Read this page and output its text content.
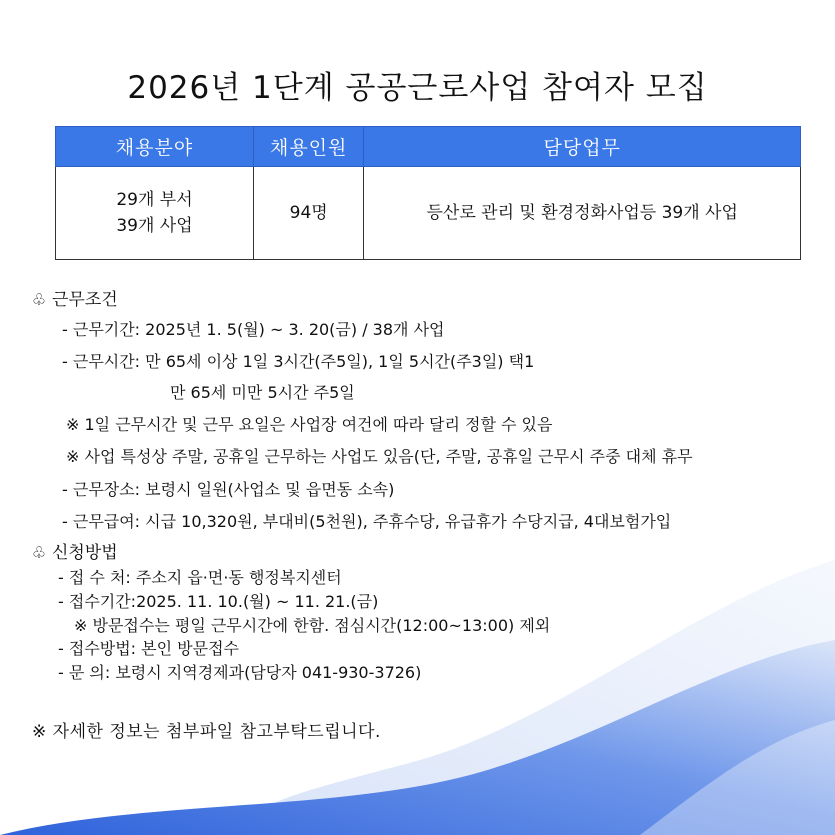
2026년 1단계 공공근로사업 참여자 모집
채용분야	채용인원	담당업무

29개 부서
39개 사업	94명	등산로 관리 및 환경정화사업등 39개 사업
♧ 근무조건
- 근무기간: 2025년 1. 5(월) ~ 3. 20(금) / 38개 사업
- 근무시간: 만 65세 이상 1일 3시간(주5일), 1일 5시간(주3일) 택1
만 65세 미만 5시간 주5일
※ 1일 근무시간 및 근무 요일은 사업장 여건에 따라 달리 정할 수 있음
※ 사업 특성상 주말, 공휴일 근무하는 사업도 있음(단, 주말, 공휴일 근무시 주중 대체 휴무
- 근무장소: 보령시 일원(사업소 및 읍면동 소속)
- 근무급여: 시급 10,320원, 부대비(5천원), 주휴수당, 유급휴가 수당지급, 4대보험가입
♧ 신청방법
- 접 수 처: 주소지 읍·면·동 행정복지센터
- 접수기간:2025. 11. 10.(월) ~ 11. 21.(금)
※ 방문접수는 평일 근무시간에 한함. 점심시간(12:00~13:00) 제외
- 접수방법: 본인 방문접수
- 문 의: 보령시 지역경제과(담당자 041-930-3726)
※ 자세한 정보는 첨부파일 참고부탁드립니다.
